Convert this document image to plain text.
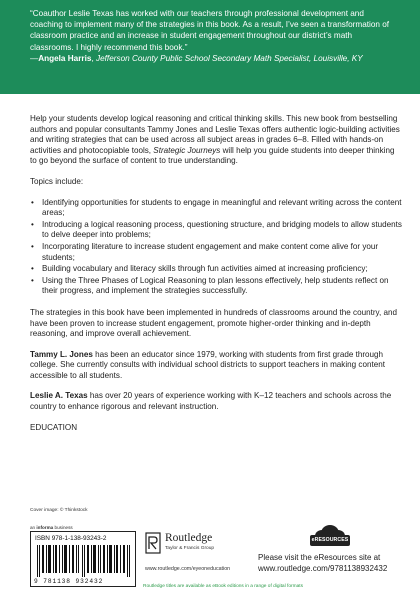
“Coauthor Leslie Texas has worked with our teachers through professional development and coaching to implement many of the strategies in this book. As a result, I’ve seen a transformation of classroom practice and an increase in student engagement throughout our district’s math classrooms. I highly recommend this book.”
—Angela Harris, Jefferson County Public School Secondary Math Specialist, Louisville, KY

Help your students develop logical reasoning and critical thinking skills. This new book from bestselling authors and popular consultants Tammy Jones and Leslie Texas offers authentic logic-building activities and writing strategies that can be used across all subject areas in grades 6–8. Filled with hands-on activities and photocopiable tools, Strategic Journeys will help you guide students into deeper thinking to go beyond the surface of content to true understanding.

Topics include:

• Identifying opportunities for students to engage in meaningful and relevant writing across the content areas;
• Introducing a logical reasoning process, questioning structure, and bridging models to allow students to delve deeper into problems;
• Incorporating literature to increase student engagement and make content come alive for your students;
• Building vocabulary and literacy skills through fun activities aimed at increasing proficiency;
• Using the Three Phases of Logical Reasoning to plan lessons effectively, help students reflect on their progress, and implement the strategies successfully.

The strategies in this book have been implemented in hundreds of classrooms around the country, and have been proven to increase student engagement, promote higher-order thinking and in-depth reasoning, and improve overall achievement.

Tammy L. Jones has been an educator since 1979, working with students from first grade through college. She currently consults with individual school districts to support teachers in making content accessible to all students.

Leslie A. Texas has over 20 years of experience working with K–12 teachers and schools across the country to enhance rigorous and relevant instruction.

EDUCATION

Cover image: © Thinkstock
an informa business
ISBN 978-1-138-93243-2
9 781138 932432
Routledge
Taylor & Francis Group
www.routledge.com/eyeoneducation
eRESOURCES
Please visit the eResources site at
www.routledge.com/9781138932432
Routledge titles are available as eBook editions in a range of digital formats
